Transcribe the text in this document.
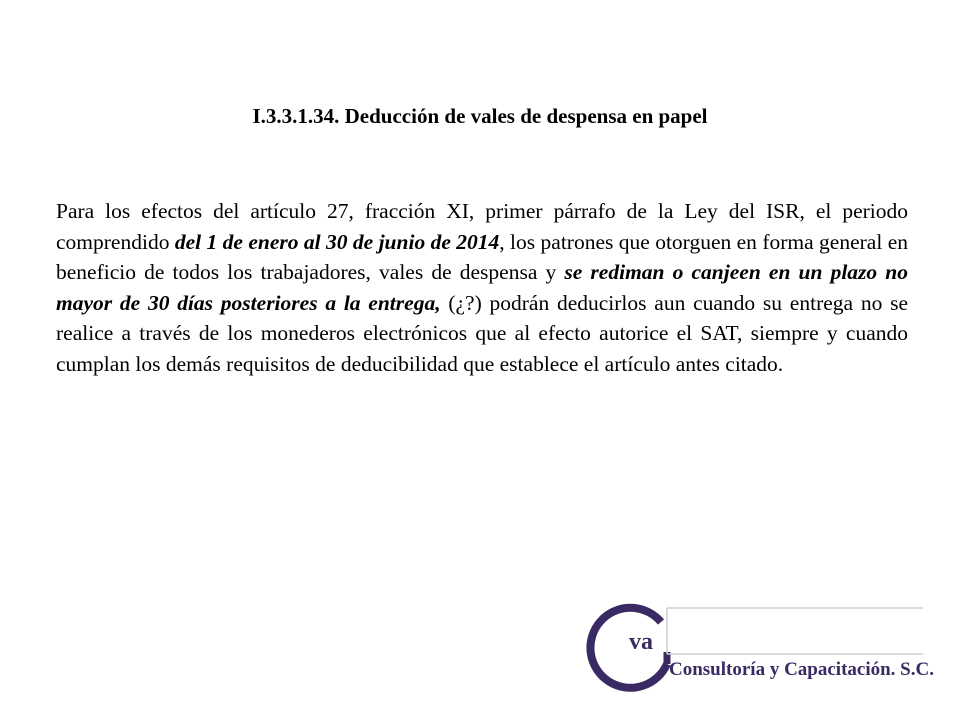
I.3.3.1.34. Deducción de vales de despensa en papel

Para los efectos del artículo 27, fracción XI, primer párrafo de la Ley del ISR, el periodo comprendido del 1 de enero al 30 de junio de 2014, los patrones que otorguen en forma general en beneficio de todos los trabajadores, vales de despensa y se rediman o canjeen en un plazo no mayor de 30 días posteriores a la entrega, (¿?) podrán deducirlos aun cuando su entrega no se realice a través de los monederos electrónicos que al efecto autorice el SAT, siempre y cuando cumplan los demás requisitos de deducibilidad que establece el artículo antes citado.

va
Consultoría y Capacitación. S.C.
